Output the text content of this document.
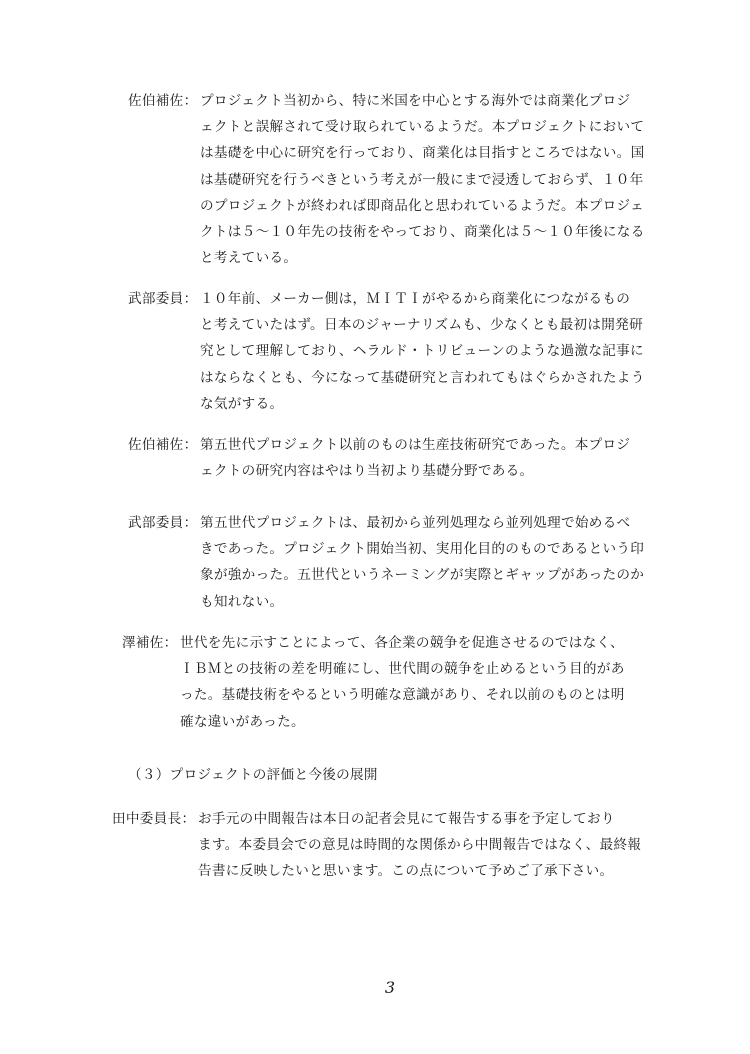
佐伯補佐： プロジェクト当初から、特に米国を中心とする海外では商業化プロジ
ェクトと誤解されて受け取られているようだ。本プロジェクトにおいて
は基礎を中心に研究を行っており、商業化は目指すところではない。国
は基礎研究を行うべきという考えが一般にまで浸透しておらず、１０年
のプロジェクトが終われば即商品化と思われているようだ。本プロジェ
クトは５～１０年先の技術をやっており、商業化は５～１０年後になる
と考えている。
武部委員： １０年前、メーカー側は，ＭＩＴＩがやるから商業化につながるもの
と考えていたはず。日本のジャーナリズムも、少なくとも最初は開発研
究として理解しており、ヘラルド・トリビューンのような過激な記事に
はならなくとも、今になって基礎研究と言われてもはぐらかされたよう
な気がする。
佐伯補佐： 第五世代プロジェクト以前のものは生産技術研究であった。本プロジ
ェクトの研究内容はやはり当初より基礎分野である。
武部委員： 第五世代プロジェクトは、最初から並列処理なら並列処理で始めるべ
きであった。プロジェクト開始当初、実用化目的のものであるという印
象が強かった。五世代というネーミングが実際とギャップがあったのか
も知れない。
澤補佐： 世代を先に示すことによって、各企業の競争を促進させるのではなく、
ＩＢＭとの技術の差を明確にし、世代間の競争を止めるという目的があ
った。基礎技術をやるという明確な意識があり、それ以前のものとは明
確な違いがあった。
（３）プロジェクトの評価と今後の展開
田中委員長： お手元の中間報告は本日の記者会見にて報告する事を予定しており
ます。本委員会での意見は時間的な関係から中間報告ではなく、最終報
告書に反映したいと思います。この点について予めご了承下さい。
3
